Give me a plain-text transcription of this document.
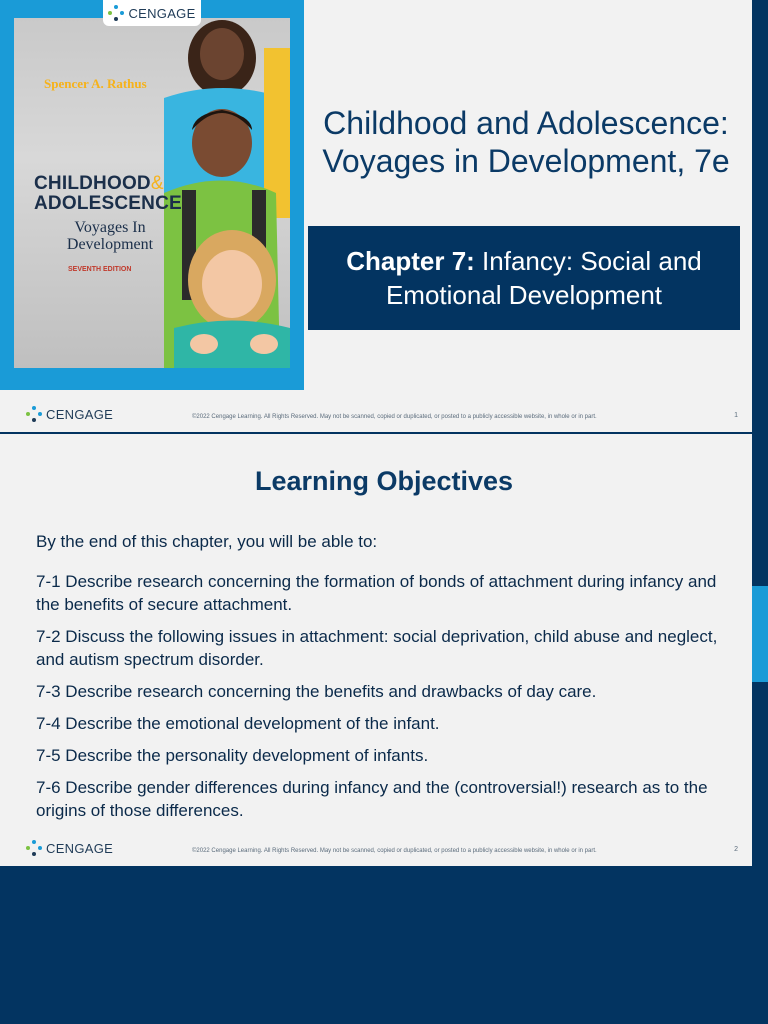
Spencer A. Rathus
CHILDHOOD&
ADOLESCENCE
Voyages In Development
SEVENTH EDITION
CENGAGE
Childhood and Adolescence: Voyages in Development, 7e
Chapter 7: Infancy: Social and
Emotional Development
CENGAGE	©2022 Cengage Learning. All Rights Reserved. May not be scanned, copied or duplicated, or posted to a publicly accessible website, in whole or in part.	1
Learning Objectives
By the end of this chapter, you will be able to:
7-1 Describe research concerning the formation of bonds of attachment during infancy and the benefits of secure attachment.
7-2 Discuss the following issues in attachment: social deprivation, child abuse and neglect, and autism spectrum disorder.
7-3 Describe research concerning the benefits and drawbacks of day care.
7-4 Describe the emotional development of the infant.
7-5 Describe the personality development of infants.
7-6 Describe gender differences during infancy and the (controversial!) research as to the origins of those differences.
CENGAGE	©2022 Cengage Learning. All Rights Reserved. May not be scanned, copied or duplicated, or posted to a publicly accessible website, in whole or in part.	2
